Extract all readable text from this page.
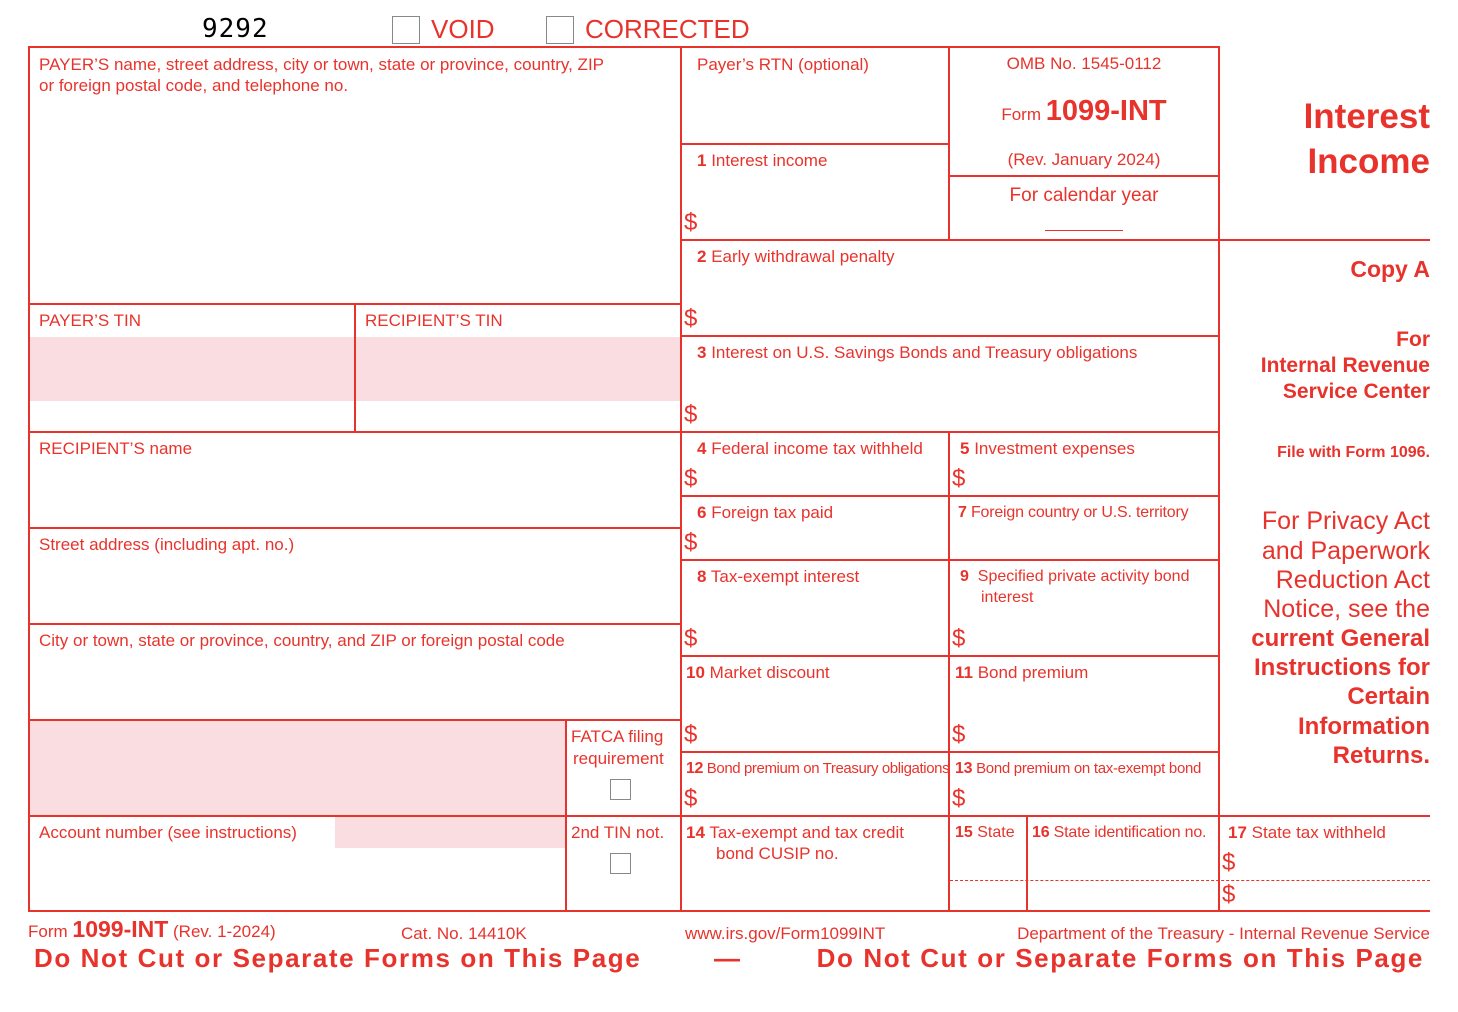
9292	VOID	CORRECTED
PAYER’S name, street address, city or town, state or province, country, ZIP
or foreign postal code, and telephone no.
PAYER’S TIN	RECIPIENT’S TIN
RECIPIENT’S name
Street address (including apt. no.)
City or town, state or province, country, and ZIP or foreign postal code
FATCA filing
requirement
Account number (see instructions)	2nd TIN not.
Payer’s RTN (optional)
1 Interest income
$
2 Early withdrawal penalty
$
3 Interest on U.S. Savings Bonds and Treasury obligations
$
4 Federal income tax withheld
$
5 Investment expenses
$
6 Foreign tax paid
$
7 Foreign country or U.S. territory
8 Tax-exempt interest
$
9 Specified private activity bond
interest
$
10 Market discount
$
11 Bond premium
$
12 Bond premium on Treasury obligations
$
13 Bond premium on tax-exempt bond
$
14 Tax-exempt and tax credit
bond CUSIP no.
15 State 16 State identification no. 17 State tax withheld
$
$
OMB No. 1545-0112
Form 1099-INT
(Rev. January 2024)
For calendar year
Interest
Income
Copy A
For
Internal Revenue
Service Center
File with Form 1096.
For Privacy Act
and Paperwork
Reduction Act
Notice, see the
current General
Instructions for
Certain
Information
Returns.
Form 1099-INT (Rev. 1-2024)	Cat. No. 14410K	www.irs.gov/Form1099INT	Department of the Treasury - Internal Revenue Service
Do Not Cut or Separate Forms on This Page	—	Do Not Cut or Separate Forms on This Page
